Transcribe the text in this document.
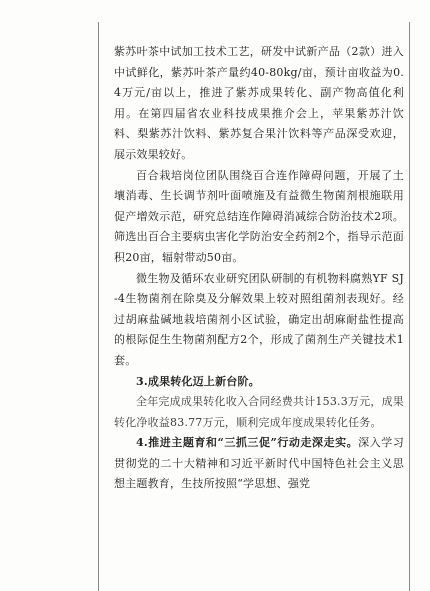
紫苏叶茶中试加工技术工艺，研发中试新产品（2款）进入中试鲜化，紫苏叶茶产量约40-80kg/亩，预计亩收益为0.4万元/亩以上，推进了紫苏成果转化、副产物高值化利用。在第四届省农业科技成果推介会上，苹果紫苏汁饮料、梨紫苏汁饮料、紫苏复合果汁饮料等产品深受欢迎，展示效果较好。

百合栽培岗位团队围绕百合连作障碍问题，开展了土壤消毒、生长调节剂叶面喷施及有益微生物菌剂根施联用促产增效示范，研究总结连作障碍消减综合防治技术2项。筛选出百合主要病虫害化学防治安全药剂2个，指导示范面积20亩，辐射带动50亩。

微生物及循环农业研究团队研制的有机物料腐熟YF SJ-4生物菌剂在除臭及分解效果上较对照组菌剂表现好。经过胡麻盐碱地栽培菌剂小区试验，确定出胡麻耐盐性提高的根际促生生物菌剂配方2个，形成了菌剂生产关键技术1套。

3.成果转化迈上新台阶。

全年完成成果转化收入合同经费共计153.3万元，成果转化净收益83.77万元，顺利完成年度成果转化任务。

4.推进主题育和“三抓三促”行动走深走实。深入学习贯彻党的二十大精神和习近平新时代中国特色社会主义思想主题教育，生技所按照“学思想、强党
